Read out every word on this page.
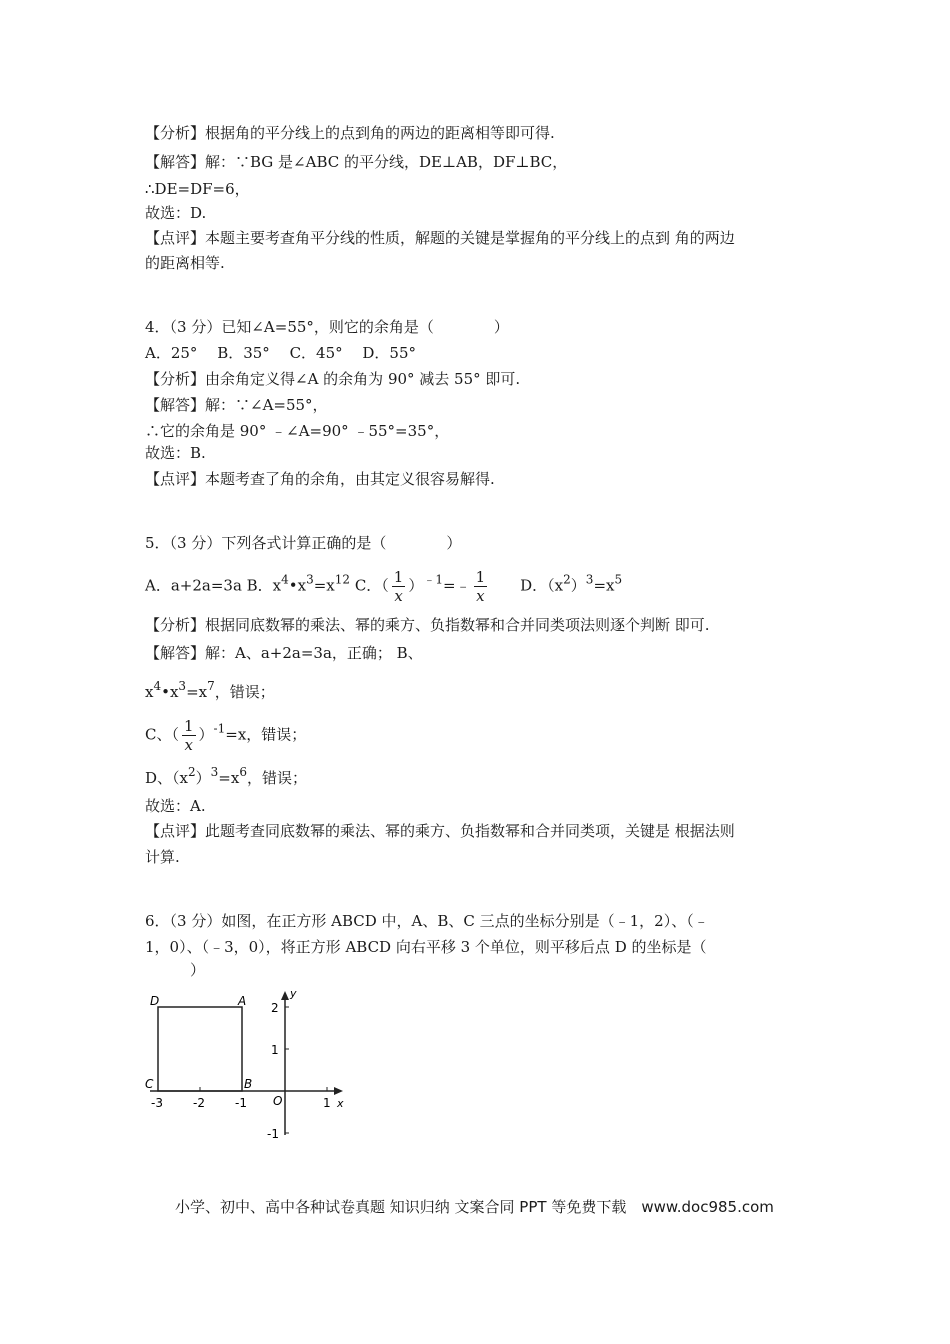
【分析】根据角的平分线上的点到角的两边的距离相等即可得.
【解答】解：∵BG 是∠ABC 的平分线，DE⊥AB，DF⊥BC，
∴DE=DF=6，
故选：D.
【点评】本题主要考查角平分线的性质，解题的关键是掌握角的平分线上的点到 角的两边
的距离相等.
4．（3 分）已知∠A=55°，则它的余角是（　　　　）
A．25°　 B．35°　 C．45°　 D．55°
【分析】由余角定义得∠A 的余角为 90° 减去 55° 即可.
【解答】解：∵∠A=55°，
∴它的余角是 90° ﹣∠A=90° ﹣55°=35°，
故选：B.
【点评】本题考查了角的余角，由其定义很容易解得.
5．（3 分）下列各式计算正确的是（　　　　）
A．a+2a=3a B．$x^4•x^3=x^{12}$ C．（ $\frac{1}{x}$ ）$^{﹣1}$=﹣ $\frac{1}{x}$
　　 D．$(x^2)^3=x^5$
【分析】根据同底数幂的乘法、幂的乘方、负指数幂和合并同类项法则逐个判断 即可.
【解答】解：A、a+2a=3a，正确； B、
$x^4•x^3=x^7$，错误；
C、（ $\frac{1}{x} )^{-1}=x$，错误；
D、$(x^2)^3=x^6$，错误；
故选：A.
【点评】此题考查同底数幂的乘法、幂的乘方、负指数幂和合并同类项，关键是 根据法则
计算.
6．（3 分）如图，在正方形 ABCD 中，A、B、C 三点的坐标分别是（﹣1，2）、（﹣
1，0）、（﹣3，0），将正方形 ABCD 向右平移 3 个单位，则平移后点 D 的坐标是（
　　　）
D	A
C	B
O	x
y
-3	-2	-1	1
2
1
-1
小学、初中、高中各种试卷真题 知识归纳 文案合同 PPT 等免费下载　www.doc985.com
